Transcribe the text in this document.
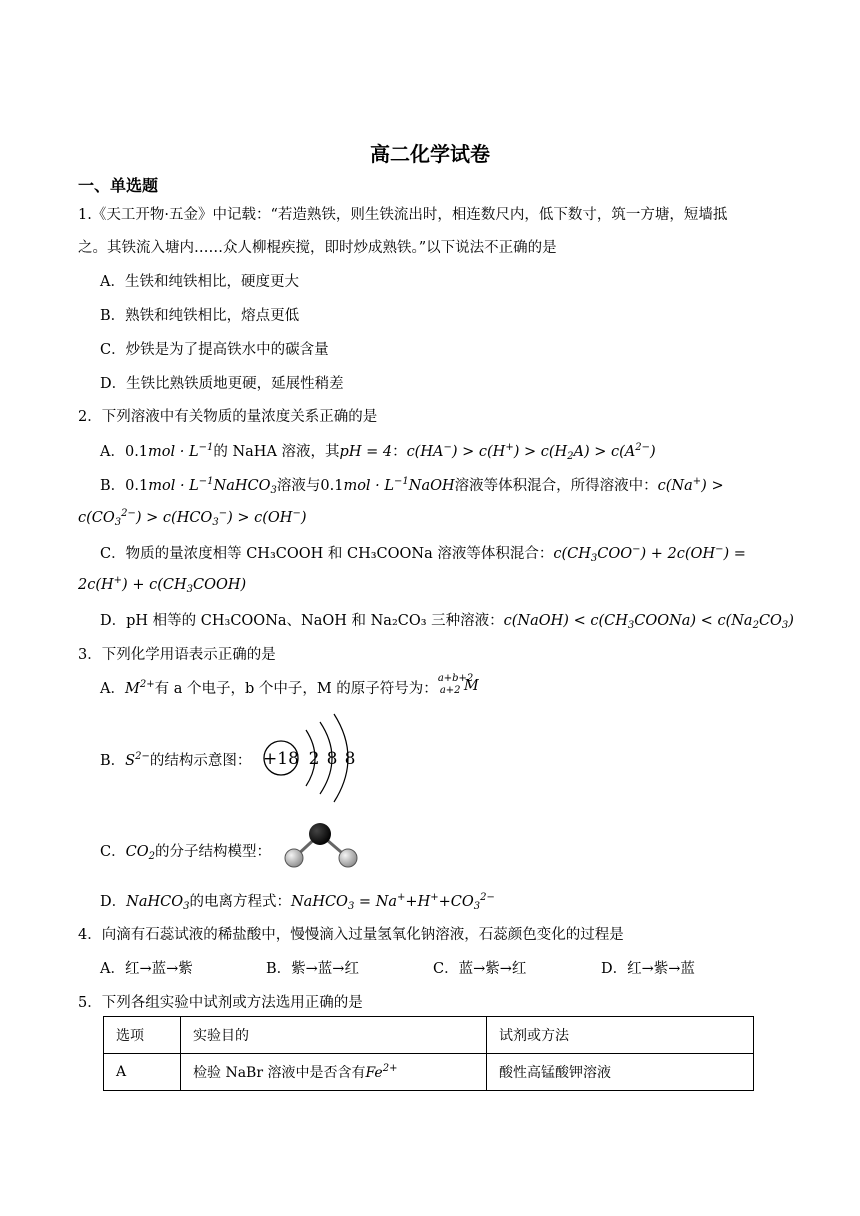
高二化学试卷
一、单选题
1.《天工开物·五金》中记载：“若造熟铁，则生铁流出时，相连数尺内，低下数寸，筑一方塘，短墙抵
之。其铁流入塘内……众人柳棍疾搅，即时炒成熟铁。”以下说法不正确的是
A．生铁和纯铁相比，硬度更大
B．熟铁和纯铁相比，熔点更低
C．炒铁是为了提高铁水中的碳含量
D．生铁比熟铁质地更硬，延展性稍差
2．下列溶液中有关物质的量浓度关系正确的是
A．$0.1mol \cdot L^{-1}$的 NaHA 溶液，其pH = 4：$c(HA^-) > c(H^+) > c(H_2A) > c(A^{2-})$
B．$0.1mol \cdot L^{-1}NaHCO_3$溶液与$0.1mol \cdot L^{-1}NaOH$溶液等体积混合，所得溶液中：c(Na+) >
$c(CO_3^{2-}) > c(HCO_3^-) > c(OH^-)$
C．物质的量浓度相等 CH₃COOH 和 CH₃COONa 溶液等体积混合：$c(CH_3COO^-) + 2c(OH^-)$ =
$2c(H^+) + c(CH_3COOH)$
D．pH 相等的 CH₃COONa、NaOH 和 Na₂CO₃ 三种溶液：c(NaOH) < $c(CH_3COONa) < c(Na_2CO_3)$
3．下列化学用语表示正确的是
A．$M^{2+}$有 a 个电子，b 个中子，M 的原子符号为：
a+b+2
a+2 M
B．$S^{2-}$的结构示意图： +18 2 8 8
C．$CO_2$的分子结构模型：
D．NaHCO$_3$的电离方程式：NaHCO$_3$ = $Na^++H^++CO_3^{2-}$
4．向滴有石蕊试液的稀盐酸中，慢慢滴入过量氢氧化钠溶液，石蕊颜色变化的过程是
A．红→蓝→紫	B．紫→蓝→红	C．蓝→紫→红	D．红→紫→蓝
5．下列各组实验中试剂或方法选用正确的是
选项	实验目的	试剂或方法
A	检验 NaBr 溶液中是否含有$Fe^{2+}$	酸性高锰酸钾溶液
